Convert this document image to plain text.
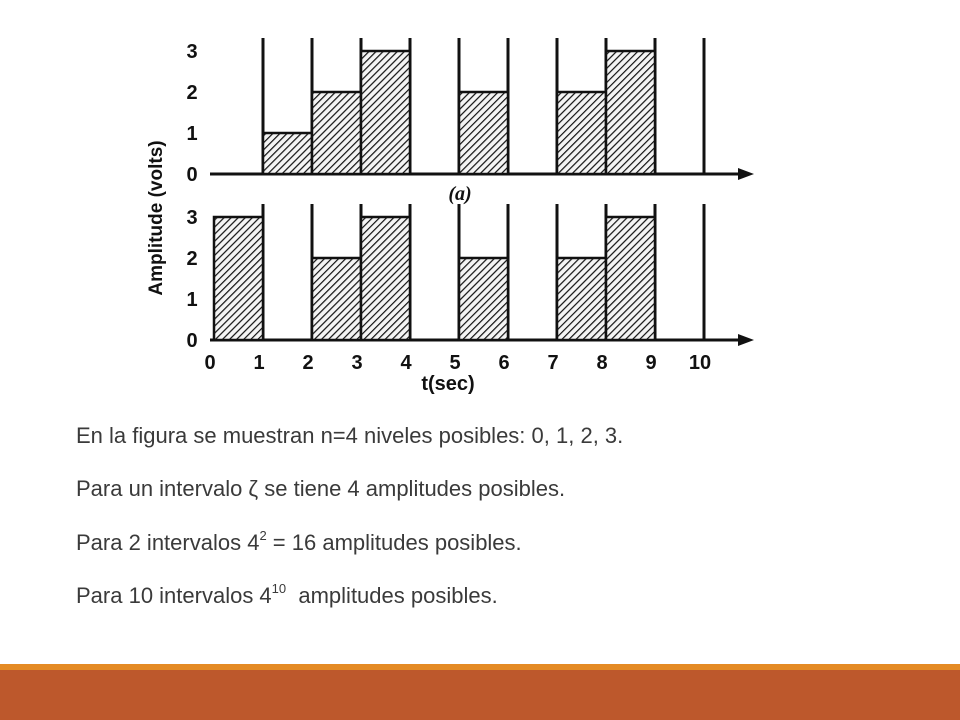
0
1
2
3
0
1
2
3
0 1 2 3 4 5 6 7 8 9 10
Amplitude (volts)
t(sec)
(a)
En la figura se muestran n=4 niveles posibles: 0, 1, 2, 3.
Para un intervalo ζ se tiene 4 amplitudes posibles.
Para 2 intervalos $4^2 = 16$ amplitudes posibles.
Para 10 intervalos $4^{10}$  amplitudes posibles.
